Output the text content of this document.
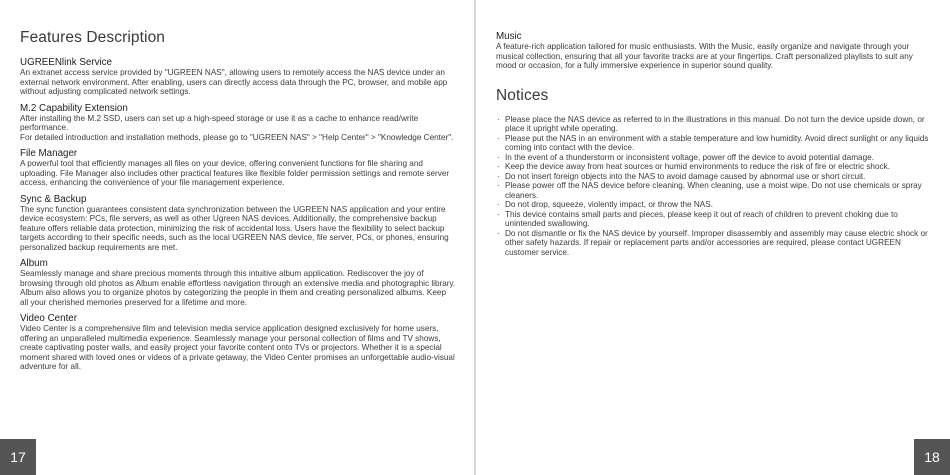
Features Description

UGREENlink Service

An extranet access service provided by "UGREEN NAS", allowing users to remotely access the NAS device under an external network environment. After enabling, users can directly access data through the PC, browser, and mobile app without adjusting complicated network settings.

M.2 Capability Extension

After installing the M.2 SSD, users can set up a high-speed storage or use it as a cache to enhance read/write performance.

For detailed introduction and installation methods, please go to "UGREEN NAS" > "Help Center" > "Knowledge Center".

File Manager

A powerful tool that efficiently manages all files on your device, offering convenient functions for file sharing and uploading. File Manager also includes other practical features like flexible folder permission settings and remote server access, enhancing the convenience of your file management experience.

Sync & Backup

The sync function guarantees consistent data synchronization between the UGREEN NAS application and your entire device ecosystem: PCs, file servers, as well as other Ugreen NAS devices. Additionally, the comprehensive backup feature offers reliable data protection, minimizing the risk of accidental loss. Users have the flexibility to select backup targets according to their specific needs, such as the local UGREEN NAS device, file server, PCs, or phones, ensuring personalized backup requirements are met.

Album

Seamlessly manage and share precious moments through this intuitive album application. Rediscover the joy of browsing through old photos as Album enable effortless navigation through an extensive media and photographic library. Album also allows you to organize photos by categorizing the people in them and creating personalized albums. Keep all your cherished memories preserved for a lifetime and more.

Video Center

Video Center is a comprehensive film and television media service application designed exclusively for home users, offering an unparalleled multimedia experience. Seamlessly manage your personal collection of films and TV shows, create captivating poster walls, and easily project your favorite content onto TVs or projectors. Whether it is a special moment shared with loved ones or videos of a private getaway, the Video Center promises an unforgettable audio-visual adventure for all.

17

Music

A feature-rich application tailored for music enthusiasts. With the Music, easily organize and navigate through your musical collection, ensuring that all your favorite tracks are at your fingertips. Craft personalized playlists to suit any mood or occasion, for a fully immersive experience in superior sound quality.

Notices
· Please place the NAS device as referred to in the illustrations in this manual. Do not turn the device upside down, or place it upright while operating.
· Please put the NAS in an environment with a stable temperature and low humidity. Avoid direct sunlight or any liquids coming into contact with the device.
· In the event of a thunderstorm or inconsistent voltage, power off the device to avoid potential damage.
· Keep the device away from heat sources or humid environments to reduce the risk of fire or electric shock.
· Do not insert foreign objects into the NAS to avoid damage caused by abnormal use or short circuit.
· Please power off the NAS device before cleaning. When cleaning, use a moist wipe. Do not use chemicals or spray cleaners.
· Do not drop, squeeze, violently impact, or throw the NAS.
· This device contains small parts and pieces, please keep it out of reach of children to prevent choking due to unintended swallowing.
· Do not dismantle or fix the NAS device by yourself. Improper disassembly and assembly may cause electric shock or other safety hazards. If repair or replacement parts and/or accessories are required, please contact UGREEN customer service.
18
